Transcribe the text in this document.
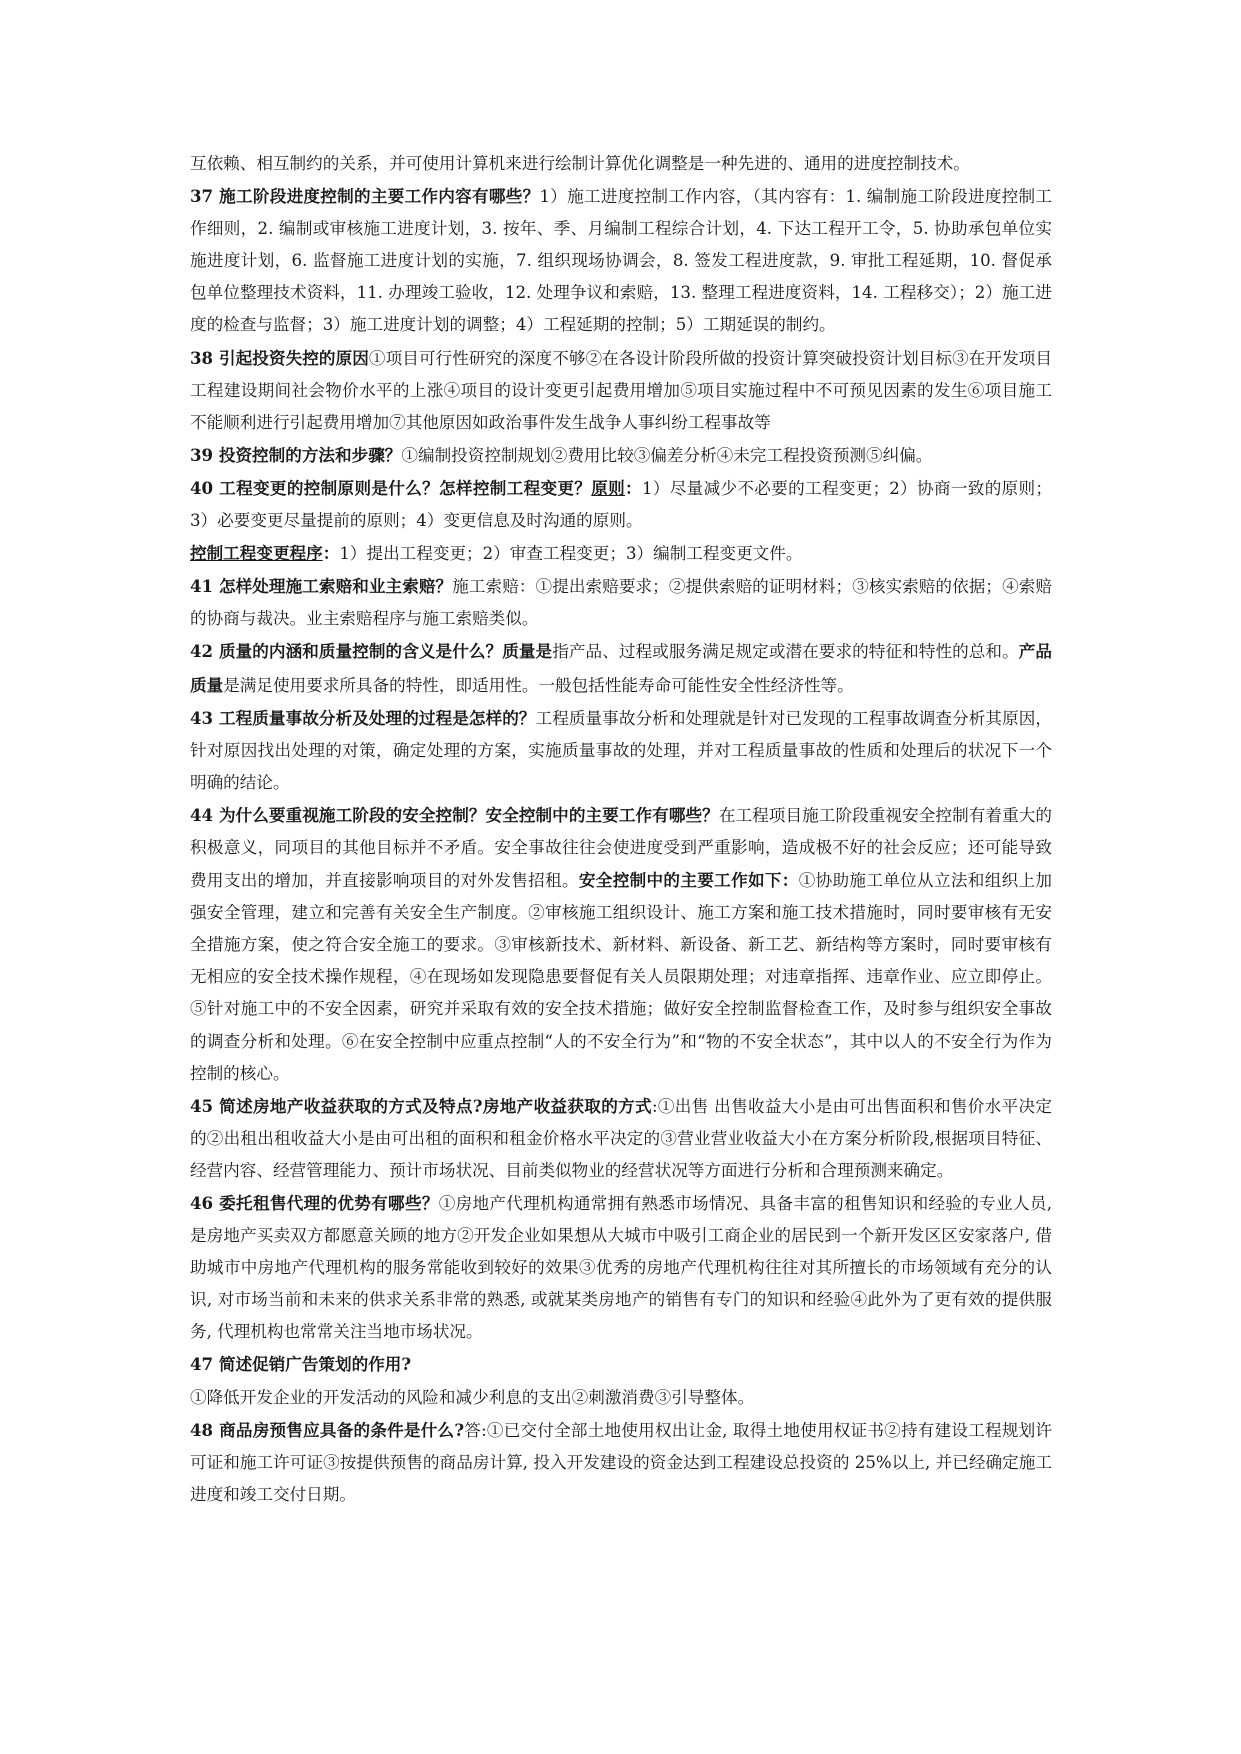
互依赖、相互制约的关系，并可使用计算机来进行绘制计算优化调整是一种先进的、通用的进度控制技术。

37 施工阶段进度控制的主要工作内容有哪些？1）施工进度控制工作内容，（其内容有：1. 编制施工阶段进度控制工作细则，2. 编制或审核施工进度计划，3. 按年、季、月编制工程综合计划，4. 下达工程开工令，5. 协助承包单位实施进度计划，6. 监督施工进度计划的实施，7. 组织现场协调会，8. 签发工程进度款，9. 审批工程延期，10. 督促承包单位整理技术资料，11. 办理竣工验收，12. 处理争议和索赔，13. 整理工程进度资料，14. 工程移交）；2）施工进度的检查与监督；3）施工进度计划的调整；4）工程延期的控制；5）工期延误的制约。

38 引起投资失控的原因①项目可行性研究的深度不够②在各设计阶段所做的投资计算突破投资计划目标③在开发项目工程建设期间社会物价水平的上涨④项目的设计变更引起费用增加⑤项目实施过程中不可预见因素的发生⑥项目施工不能顺利进行引起费用增加⑦其他原因如政治事件发生战争人事纠纷工程事故等

39 投资控制的方法和步骤？①编制投资控制规划②费用比较③偏差分析④未完工程投资预测⑤纠偏。

40 工程变更的控制原则是什么？怎样控制工程变更？原则：1）尽量减少不必要的工程变更；2）协商一致的原则；3）必要变更尽量提前的原则；4）变更信息及时沟通的原则。

控制工程变更程序：1）提出工程变更；2）审查工程变更；3）编制工程变更文件。

41 怎样处理施工索赔和业主索赔？施工索赔：①提出索赔要求；②提供索赔的证明材料；③核实索赔的依据；④索赔的协商与裁决。业主索赔程序与施工索赔类似。

42 质量的内涵和质量控制的含义是什么？质量是指产品、过程或服务满足规定或潜在要求的特征和特性的总和。产品质量是满足使用要求所具备的特性，即适用性。一般包括性能寿命可能性安全性经济性等。

43 工程质量事故分析及处理的过程是怎样的？工程质量事故分析和处理就是针对已发现的工程事故调查分析其原因，针对原因找出处理的对策，确定处理的方案，实施质量事故的处理，并对工程质量事故的性质和处理后的状况下一个明确的结论。

44 为什么要重视施工阶段的安全控制？安全控制中的主要工作有哪些？在工程项目施工阶段重视安全控制有着重大的积极意义，同项目的其他目标并不矛盾。安全事故往往会使进度受到严重影响，造成极不好的社会反应；还可能导致费用支出的增加，并直接影响项目的对外发售招租。安全控制中的主要工作如下：①协助施工单位从立法和组织上加强安全管理，建立和完善有关安全生产制度。②审核施工组织设计、施工方案和施工技术措施时，同时要审核有无安全措施方案，使之符合安全施工的要求。③审核新技术、新材料、新设备、新工艺、新结构等方案时，同时要审核有无相应的安全技术操作规程，④在现场如发现隐患要督促有关人员限期处理；对违章指挥、违章作业、应立即停止。⑤针对施工中的不安全因素，研究并采取有效的安全技术措施；做好安全控制监督检查工作，及时参与组织安全事故的调查分析和处理。⑥在安全控制中应重点控制“人的不安全行为”和“物的不安全状态”，其中以人的不安全行为作为控制的核心。

45 简述房地产收益获取的方式及特点?房地产收益获取的方式:①出售 出售收益大小是由可出售面积和售价水平决定的②出租出租收益大小是由可出租的面积和租金价格水平决定的③营业营业收益大小在方案分析阶段,根据项目特征、经营内容、经营管理能力、预计市场状况、目前类似物业的经营状况等方面进行分析和合理预测来确定。

46 委托租售代理的优势有哪些？①房地产代理机构通常拥有熟悉市场情况、具备丰富的租售知识和经验的专业人员, 是房地产买卖双方都愿意关顾的地方②开发企业如果想从大城市中吸引工商企业的居民到一个新开发区区安家落户, 借助城市中房地产代理机构的服务常能收到较好的效果③优秀的房地产代理机构往往对其所擅长的市场领域有充分的认识, 对市场当前和未来的供求关系非常的熟悉, 或就某类房地产的销售有专门的知识和经验④此外为了更有效的提供服务, 代理机构也常常关注当地市场状况。

47 简述促销广告策划的作用?

①降低开发企业的开发活动的风险和减少利息的支出②刺激消费③引导整体。

48 商品房预售应具备的条件是什么?答:①已交付全部土地使用权出让金, 取得土地使用权证书②持有建设工程规划许可证和施工许可证③按提供预售的商品房计算, 投入开发建设的资金达到工程建设总投资的 25%以上, 并已经确定施工进度和竣工交付日期。
